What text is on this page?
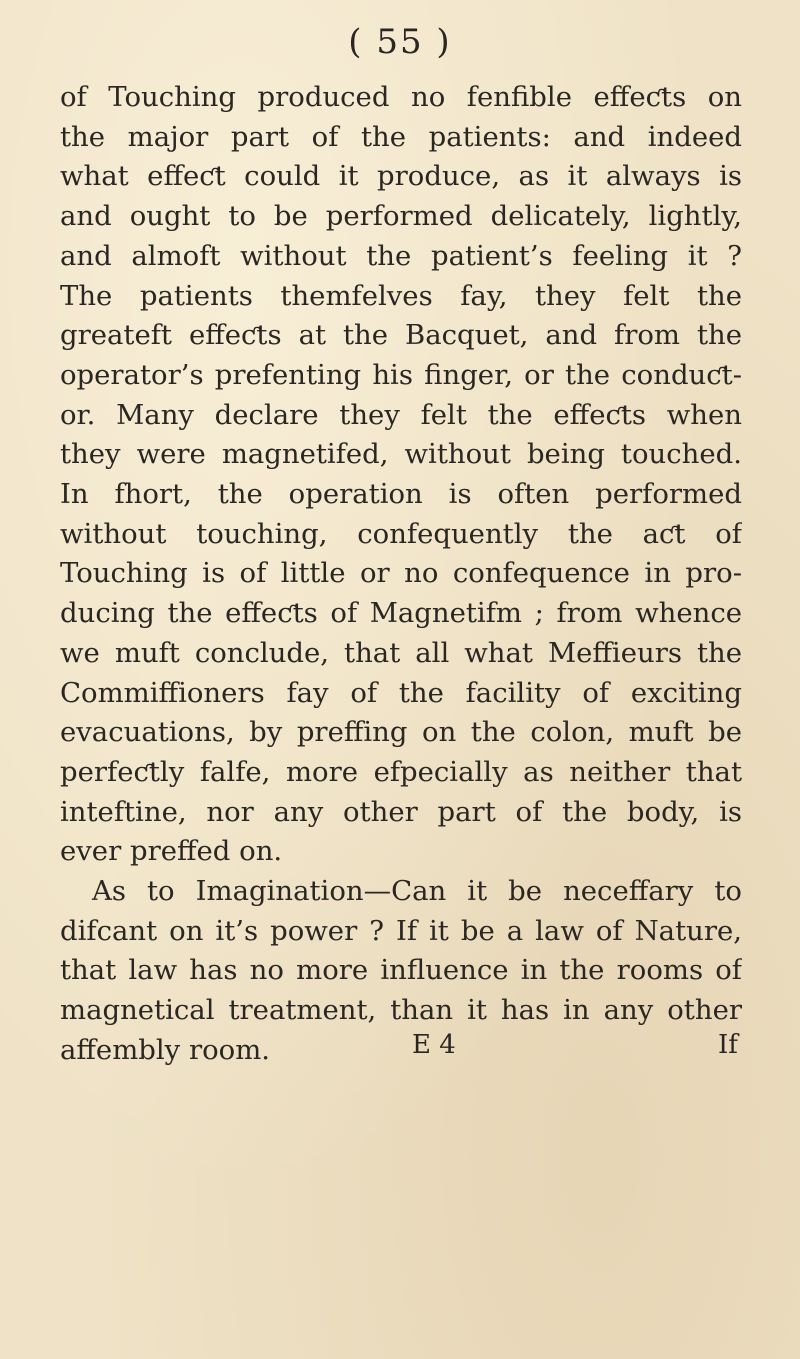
( 55 )
of Touching produced no fenfible effeƈts on
the major part of the patients: and indeed
what effeƈt could it produce, as it always is
and ought to be performed delicately, lightly,
and almoft without the patient’s feeling it ?
The patients themfelves fay, they felt the
greateft effeƈts at the Bacquet, and from the
operator’s prefenting his finger, or the conduƈt-
or. Many declare they felt the effeƈts when
they were magnetifed, without being touched.
In fhort, the operation is often performed
without touching, confequently the aƈt of
Touching is of little or no confequence in pro-
ducing the effeƈts of Magnetifm ; from whence
we muft conclude, that all what Meffieurs the
Commiffioners fay of the facility of exciting
evacuations, by preffing on the colon, muft be
perfeƈtly falfe, more efpecially as neither that
inteftine, nor any other part of the body, is
ever preffed on.
As to Imagination—Can it be neceffary to
difcant on it’s power ? If it be a law of Nature,
that law has no more influence in the rooms of
magnetical treatment, than it has in any other
affembly room.	E 4	If
